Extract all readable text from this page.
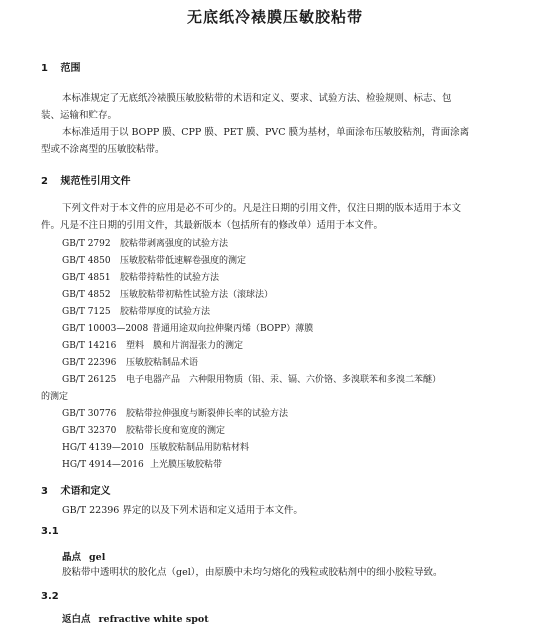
无底纸冷裱膜压敏胶粘带
1 范围
本标准规定了无底纸冷裱膜压敏胶粘带的术语和定义、要求、试验方法、检验规则、标志、包
装、运输和贮存。
本标准适用于以 BOPP 膜、CPP 膜、PET 膜、PVC 膜为基材，单面涂布压敏胶粘剂，背面涂离
型或不涂离型的压敏胶粘带。
2 规范性引用文件
下列文件对于本文件的应用是必不可少的。凡是注日期的引用文件，仅注日期的版本适用于本文
件。凡是不注日期的引用文件，其最新版本（包括所有的修改单）适用于本文件。
GB/T 2792 胶粘带剥离强度的试验方法
GB/T 4850 压敏胶粘带低速解卷强度的测定
GB/T 4851 胶粘带持粘性的试验方法
GB/T 4852 压敏胶粘带初粘性试验方法（滚球法）
GB/T 7125 胶粘带厚度的试验方法
GB/T 10003—2008 普通用途双向拉伸聚丙烯（BOPP）薄膜
GB/T 14216 塑料　膜和片润湿张力的测定
GB/T 22396 压敏胶粘制品术语
GB/T 26125 电子电器产品　六种限用物质（铅、汞、镉、六价铬、多溴联苯和多溴二苯醚）
的测定
GB/T 30776 胶粘带拉伸强度与断裂伸长率的试验方法
GB/T 32370 胶粘带长度和宽度的测定
HG/T 4139—2010 压敏胶粘制品用防粘材料
HG/T 4914—2016 上光膜压敏胶粘带
3 术语和定义
GB/T 22396 界定的以及下列术语和定义适用于本文件。
3.1
晶点 gel
胶粘带中透明状的胶化点（gel），由原膜中未均匀熔化的残粒或胶粘剂中的细小胶粒导致。
3.2
返白点 refractive white spot
